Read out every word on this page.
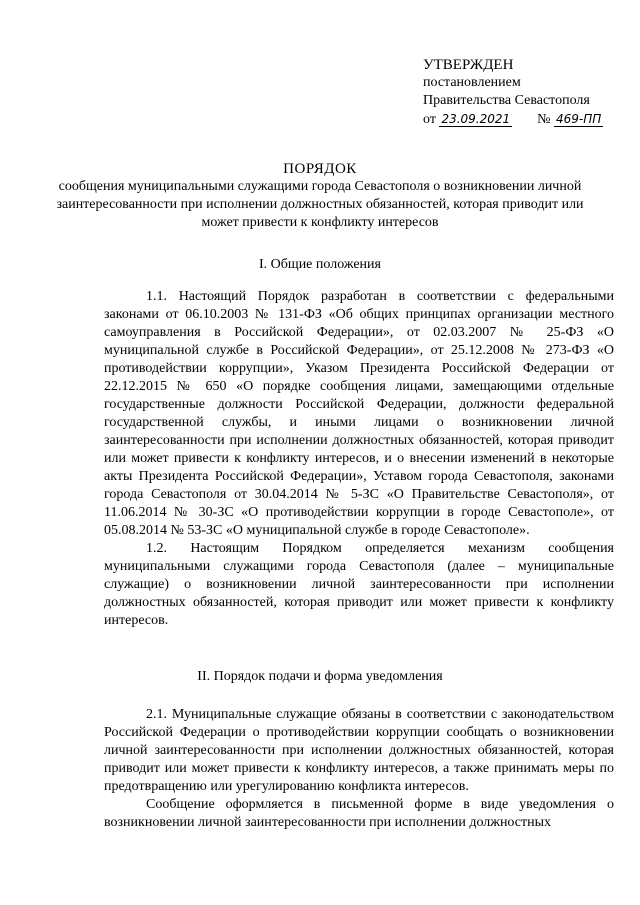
УТВЕРЖДЕН
постановлением
Правительства Севастополя
от 23.09.2021 № 469-ПП
ПОРЯДОК
сообщения муниципальными служащими города Севастополя о возникновении личной заинтересованности при исполнении должностных обязанностей, которая приводит или может привести к конфликту интересов
I. Общие положения

1.1. Настоящий Порядок разработан в соответствии с федеральными законами от 06.10.2003 № 131-ФЗ «Об общих принципах организации местного самоуправления в Российской Федерации», от 02.03.2007 № 25-ФЗ «О муниципальной службе в Российской Федерации», от 25.12.2008 № 273-ФЗ «О противодействии коррупции», Указом Президента Российской Федерации от 22.12.2015 № 650 «О порядке сообщения лицами, замещающими отдельные государственные должности Российской Федерации, должности федеральной государственной службы, и иными лицами о возникновении личной заинтересованности при исполнении должностных обязанностей, которая приводит или может привести к конфликту интересов, и о внесении изменений в некоторые акты Президента Российской Федерации», Уставом города Севастополя, законами города Севастополя от 30.04.2014 № 5-ЗС «О Правительстве Севастополя», от 11.06.2014 № 30-ЗС «О противодействии коррупции в городе Севастополе», от 05.08.2014 № 53-ЗС «О муниципальной службе в городе Севастополе».

1.2. Настоящим Порядком определяется механизм сообщения муниципальными служащими города Севастополя (далее – муниципальные служащие) о возникновении личной заинтересованности при исполнении должностных обязанностей, которая приводит или может привести к конфликту интересов.

II. Порядок подачи и форма уведомления

2.1. Муниципальные служащие обязаны в соответствии с законодательством Российской Федерации о противодействии коррупции сообщать о возникновении личной заинтересованности при исполнении должностных обязанностей, которая приводит или может привести к конфликту интересов, а также принимать меры по предотвращению или урегулированию конфликта интересов.

Сообщение оформляется в письменной форме в виде уведомления о возникновении личной заинтересованности при исполнении должностных
